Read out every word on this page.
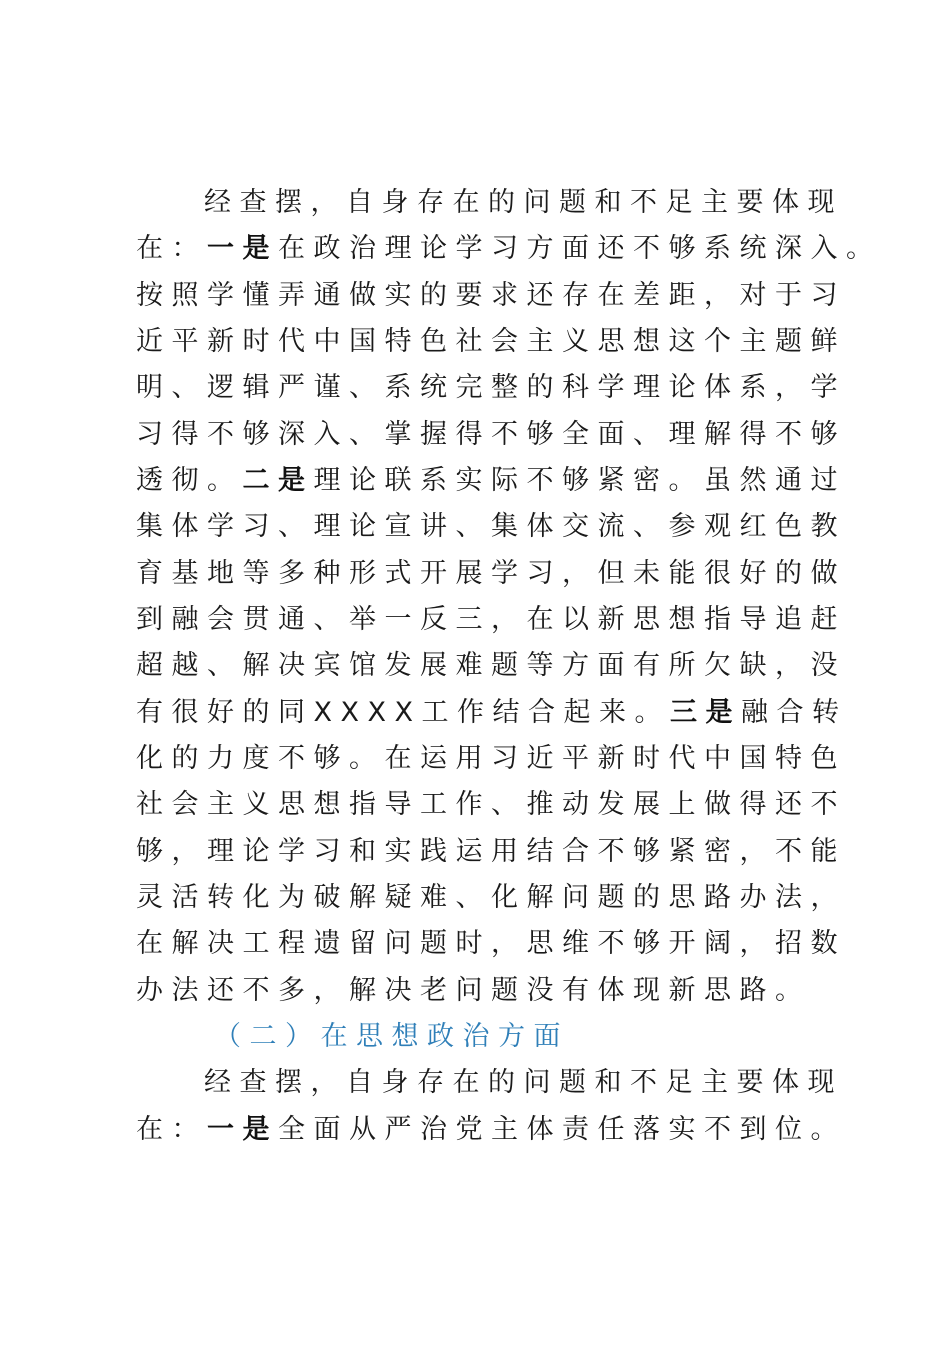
经查摆，自身存在的问题和不足主要体现
在：一是在政治理论学习方面还不够系统深入。
按照学懂弄通做实的要求还存在差距，对于习
近平新时代中国特色社会主义思想这个主题鲜
明、逻辑严谨、系统完整的科学理论体系，学
习得不够深入、掌握得不够全面、理解得不够
透彻。二是理论联系实际不够紧密。虽然通过
集体学习、理论宣讲、集体交流、参观红色教
育基地等多种形式开展学习，但未能很好的做
到融会贯通、举一反三，在以新思想指导追赶
超越、解决宾馆发展难题等方面有所欠缺，没
有很好的同XXXX工作结合起来。三是融合转
化的力度不够。在运用习近平新时代中国特色
社会主义思想指导工作、推动发展上做得还不
够，理论学习和实践运用结合不够紧密，不能
灵活转化为破解疑难、化解问题的思路办法，
在解决工程遗留问题时，思维不够开阔，招数
办法还不多，解决老问题没有体现新思路。
（二）在思想政治方面
经查摆，自身存在的问题和不足主要体现
在：一是全面从严治党主体责任落实不到位。
